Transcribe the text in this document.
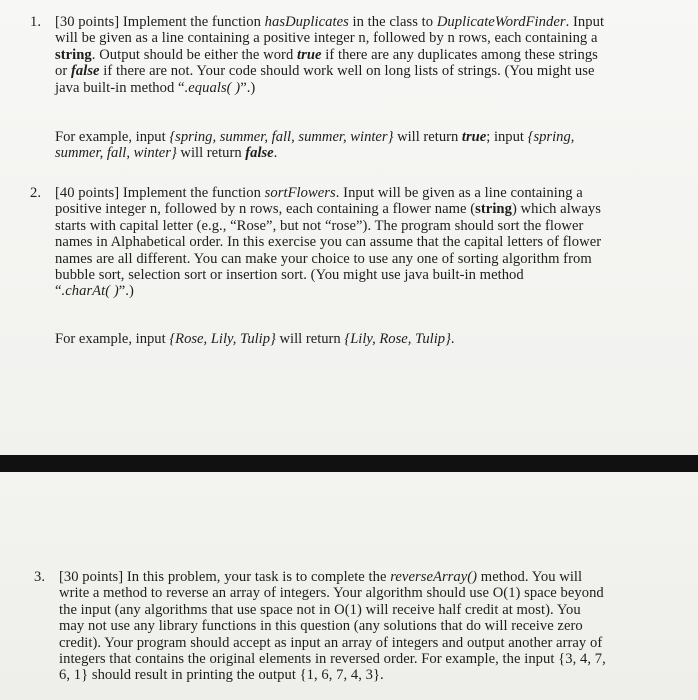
1. [30 points] Implement the function hasDuplicates in the class to DuplicateWordFinder. Input
will be given as a line containing a positive integer n, followed by n rows, each containing a
string. Output should be either the word true if there are any duplicates among these strings
or false if there are not. Your code should work well on long lists of strings. (You might use
java built-in method “.equals( )”.)
For example, input {spring, summer, fall, summer, winter} will return true; input {spring,
summer, fall, winter} will return false.
2. [40 points] Implement the function sortFlowers. Input will be given as a line containing a
positive integer n, followed by n rows, each containing a flower name (string) which always
starts with capital letter (e.g., “Rose”, but not “rose”). The program should sort the flower
names in Alphabetical order. In this exercise you can assume that the capital letters of flower
names are all different. You can make your choice to use any one of sorting algorithm from
bubble sort, selection sort or insertion sort. (You might use java built-in method
“.charAt( )”.)
For example, input {Rose, Lily, Tulip} will return {Lily, Rose, Tulip}.
3. [30 points] In this problem, your task is to complete the reverseArray() method. You will
write a method to reverse an array of integers. Your algorithm should use O(1) space beyond
the input (any algorithms that use space not in O(1) will receive half credit at most). You
may not use any library functions in this question (any solutions that do will receive zero
credit). Your program should accept as input an array of integers and output another array of
integers that contains the original elements in reversed order. For example, the input {3, 4, 7,
6, 1} should result in printing the output {1, 6, 7, 4, 3}.
